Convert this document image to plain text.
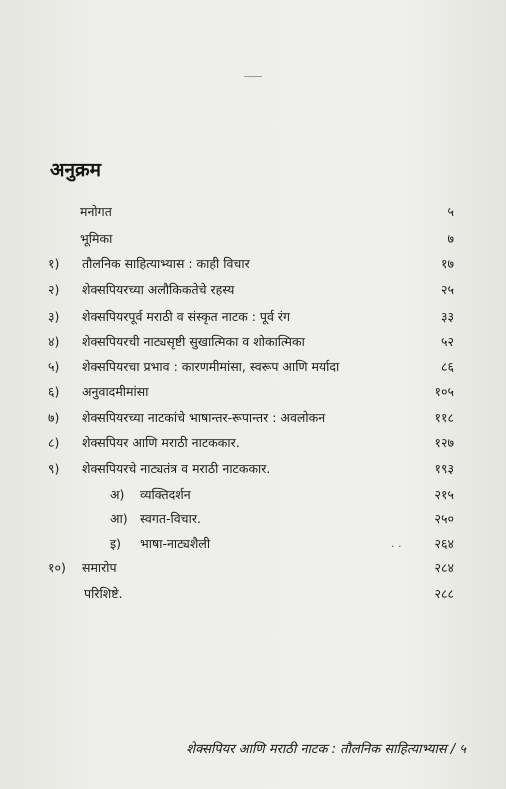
अनुक्रम
मनोगत	५
भूमिका	७
१)	तौलनिक साहित्याभ्यास : काही विचार	१७
२)	शेक्सपियरच्या अलौकिकतेचे रहस्य	२५
३)	शेक्सपियरपूर्व मराठी व संस्कृत नाटक : पूर्व रंग	३३
४)	शेक्सपियरची नाट्यसृष्टी सुखात्मिका व शोकात्मिका	५२
५)	शेक्सपियरचा प्रभाव : कारणमीमांसा, स्वरूप आणि मर्यादा	८६
६)	अनुवादमीमांसा	१०५
७)	शेक्सपियरच्या नाटकांचे भाषान्तर-रूपान्तर : अवलोकन	११८
८)	शेक्सपियर आणि मराठी नाटककार.	१२७
९)	शेक्सपियरचे नाट्यतंत्र व मराठी नाटककार.	१९३
अ) व्यक्तिदर्शन	२१५
आ) स्वगत-विचार.	२५०
इ) भाषा-नाट्यशैली	. .	२६४
१०)	समारोप	२८४
परिशिष्टे.	२८८
शेक्सपियर आणि मराठी नाटक : तौलनिक साहित्याभ्यास / ५
